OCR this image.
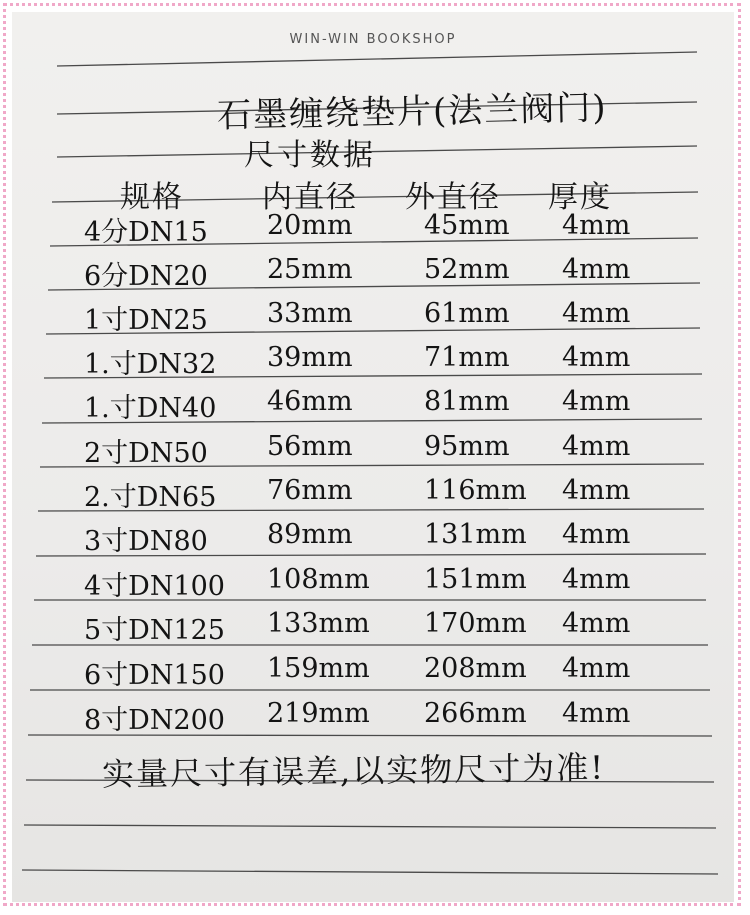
WIN-WIN BOOKSHOP
石墨缠绕垫片(法兰阀门)
尺寸数据
规格	内直径 外直径 厚度
4分DN15 20mm	45mm 4mm
6分DN20 25mm	52mm 4mm
1寸DN25 33mm	61mm 4mm
1.寸DN32 39mm	71mm 4mm
1.寸DN40 46mm	81mm 4mm
2寸DN50 56mm	95mm 4mm
2.寸DN65 76mm	116mm 4mm
3寸DN80 89mm	131mm 4mm
4寸DN100 108mm 151mm 4mm
5寸DN125 133mm 170mm 4mm
6寸DN150 159mm 208mm 4mm
8寸DN200 219mm 266mm 4mm
实量尺寸有误差,以实物尺寸为准!
